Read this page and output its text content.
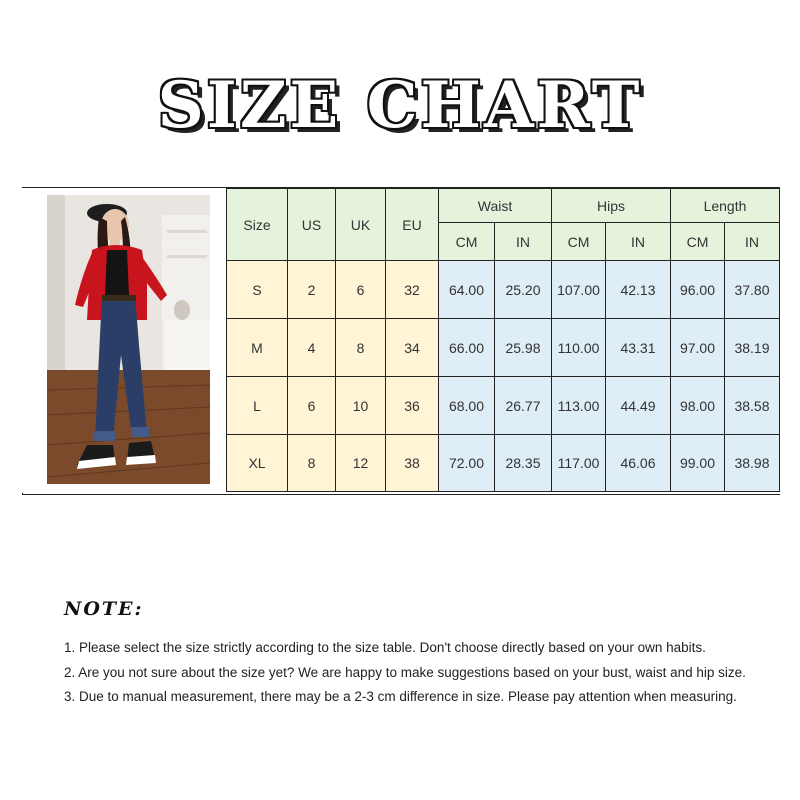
SIZE CHART
Size	US	UK	EU	Waist		Hips		Length	
				CM	IN	CM	IN	CM	IN
S	2	6	32	64.00	25.20	107.00	42.13	96.00	37.80
M	4	8	34	66.00	25.98	110.00	43.31	97.00	38.19
L	6	10	36	68.00	26.77	113.00	44.49	98.00	38.58
XL	8	12	38	72.00	28.35	117.00	46.06	99.00	38.98
NOTE:
1. Please select the size strictly according to the size table. Don't choose directly based on your own habits.
2. Are you not sure about the size yet? We are happy to make suggestions based on your bust, waist and hip size.
3. Due to manual measurement, there may be a 2-3 cm difference in size. Please pay attention when measuring.
